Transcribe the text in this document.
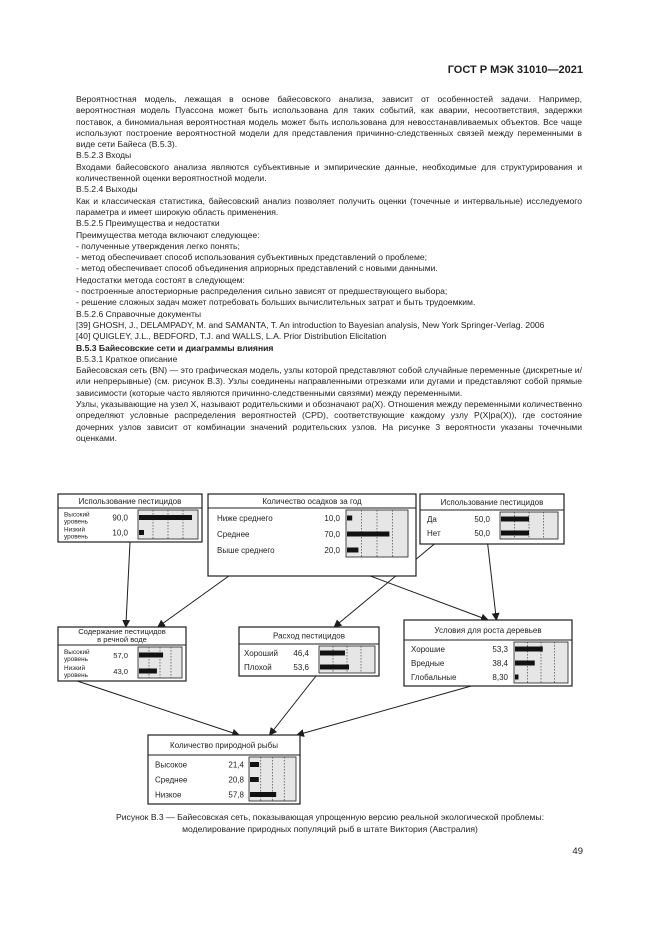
ГОСТ Р МЭК 31010—2021

Вероятностная модель, лежащая в основе байесовского анализа, зависит от особенностей задачи. Например, вероятностная модель Пуассона может быть использована для таких событий, как аварии, несоответствия, задержки поставок, а биномиальная вероятностная модель может быть использована для невосстанавливаемых объектов. Все чаще используют построение вероятностной модели для представления причинно-следственных связей между переменными в виде сети Байеса (B.5.3).

B.5.2.3 Входы

Входами байесовского анализа являются субъективные и эмпирические данные, необходимые для структурирования и количественной оценки вероятностной модели.

B.5.2.4 Выходы

Как и классическая статистика, байесовский анализ позволяет получить оценки (точечные и интервальные) исследуемого параметра и имеет широкую область применения.

B.5.2.5 Преимущества и недостатки

Преимущества метода включают следующее:

- полученные утверждения легко понять;

- метод обеспечивает способ использования субъективных представлений о проблеме;

- метод обеспечивает способ объединения априорных представлений с новыми данными.

Недостатки метода состоят в следующем:

- построенные апостериорные распределения сильно зависят от предшествующего выбора;

- решение сложных задач может потребовать больших вычислительных затрат и быть трудоемким.

B.5.2.6 Справочные документы

[39] GHOSH, J., DELAMPADY, M. and SAMANTA, T. An introduction to Bayesian analysis, New York Springer-Verlag. 2006

[40] QUIGLEY, J.L., BEDFORD, T.J. and WALLS, L.A. Prior Distribution Elicitation

B.5.3 Байесовские сети и диаграммы влияния

B.5.3.1 Краткое описание

Байесовская сеть (BN) — это графическая модель, узлы которой представляют собой случайные переменные (дискретные и/или непрерывные) (см. рисунок B.3). Узлы соединены направленными отрезками или дугами и представляют собой прямые зависимости (которые часто являются причинно-следственными связями) между переменными.

Узлы, указывающие на узел X, называют родительскими и обозначают pa(X). Отношения между переменными количественно определяют условные распределения вероятностей (CPD), соответствующие каждому узлу P(X|pa(X)), где состояние дочерних узлов зависит от комбинации значений родительских узлов. На рисунке 3 вероятности указаны точечными оценками.

Использование пестицидов
Высокий
уровень	90,0
Низкий
уровень	10,0
Количество осадков за год
Ниже среднего	10,0
Среднее	70,0
Выше среднего	20,0
Использование пестицидов
Да	50,0
Нет	50,0
Содержание пестицидов
в речной воде
Высокий
уровень	57,0
Низкий
уровень	43,0
Расход пестицидов
Хороший 46,4
Плохой	53,6
Условия для роста деревьев
Хорошие	53,3
Вредные	38,4
Глобальные	8,30
Количество природной рыбы
Высокое	21,4
Среднее	20,8
Низкое	57,8
Рисунок B.3 — Байесовская сеть, показывающая упрощенную версию реальной экологической проблемы:
моделирование природных популяций рыб в штате Виктория (Австралия)
49
